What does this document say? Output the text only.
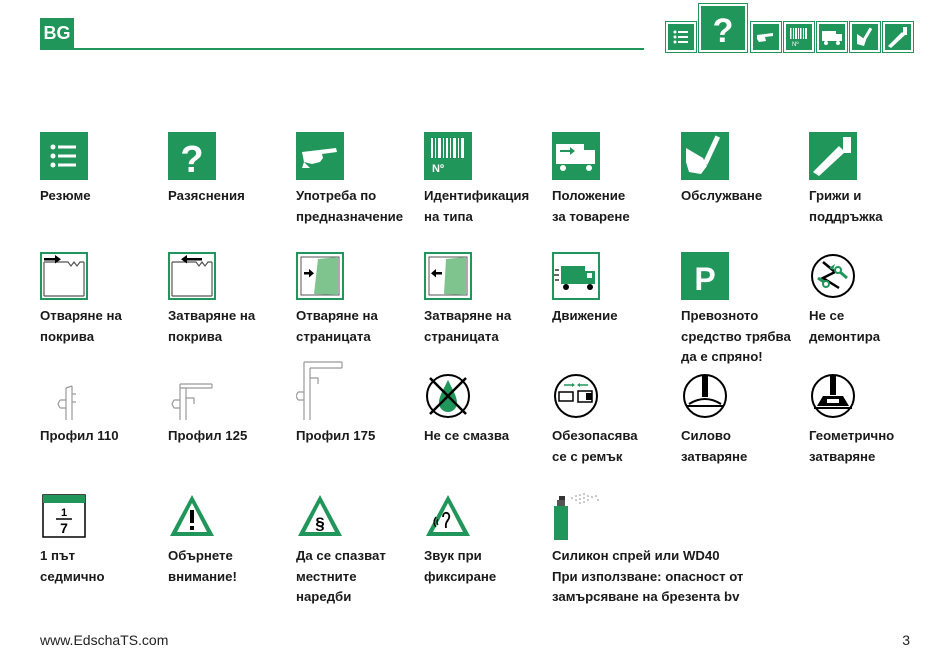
BG	?	Nº
Резюме
?
Разяснения	Употреба по
предназначение
Nº
Идентификация
на типа
Положение
за товарене
Обслужване	Грижи и
поддръжка
Отваряне на
покрива
Затваряне на
покрива
Отваряне на
страницата
Затваряне на
страницата
Движение
P
Превозното
средство трябва
да е спряно!
Не се
демонтира
Профил 110	Профил 125	Профил 175	Не се смазва	Обезопасява
се с ремък
Силово
затваряне
Геометрично
затваряне
1
7
1 път
седмично
Обърнете
внимание!
§
Да се спазват
местните
наредби
Звук при
фиксиране
Силикон спрей или WD40
При използване: опасност от
замърсяване на брезента bv
www.EdschaTS.com	3
